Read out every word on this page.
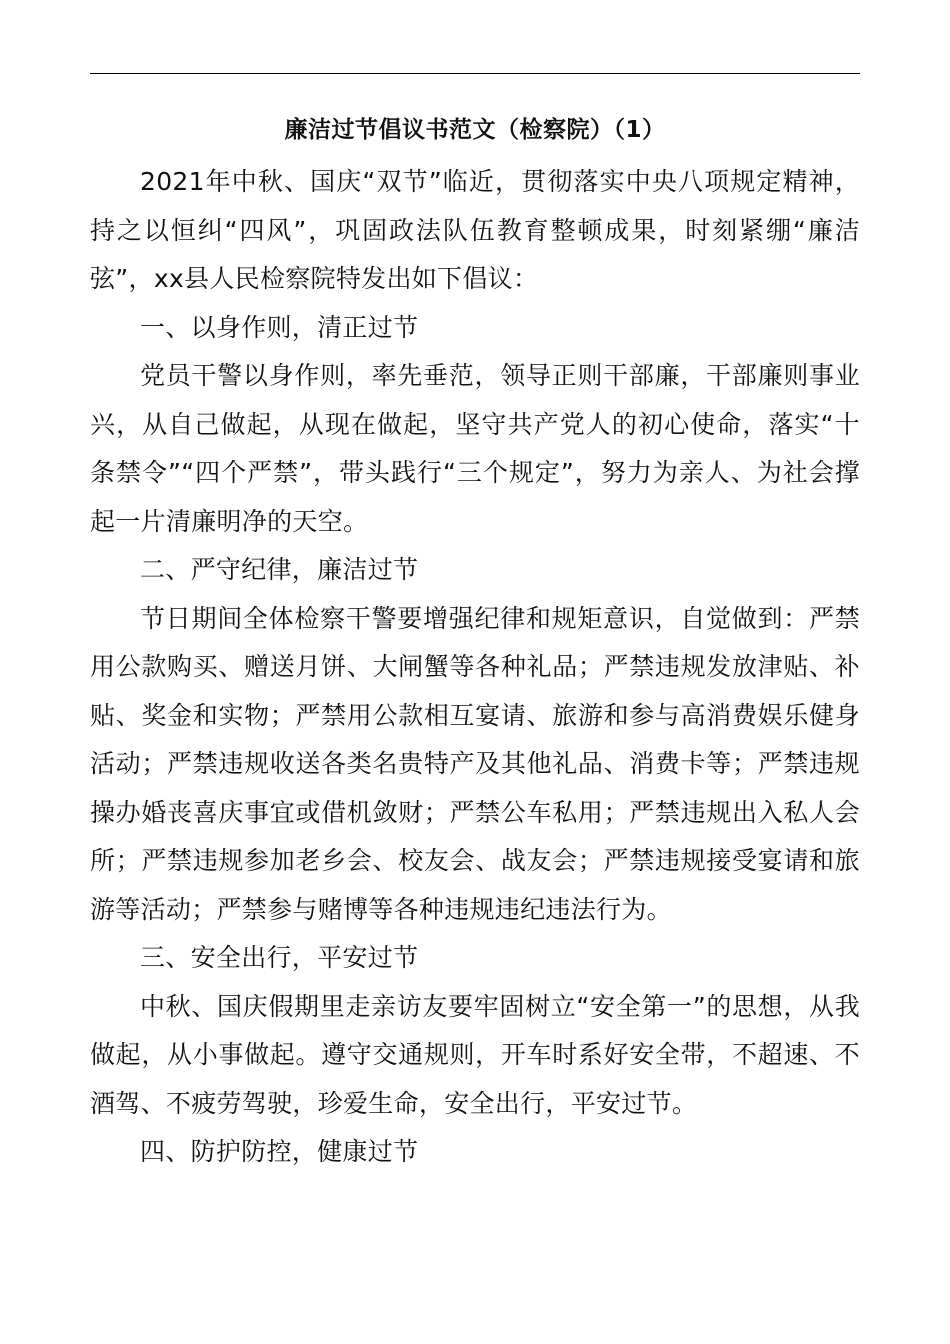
廉洁过节倡议书范文（检察院）（1）

2021年中秋、国庆“双节”临近，贯彻落实中央八项规定精神，持之以恒纠“四风”，巩固政法队伍教育整顿成果，时刻紧绷“廉洁弦”，xx县人民检察院特发出如下倡议：

一、以身作则，清正过节

党员干警以身作则，率先垂范，领导正则干部廉，干部廉则事业兴，从自己做起，从现在做起，坚守共产党人的初心使命，落实“十条禁令”“四个严禁”，带头践行“三个规定”，努力为亲人、为社会撑起一片清廉明净的天空。

二、严守纪律，廉洁过节

节日期间全体检察干警要增强纪律和规矩意识，自觉做到：严禁用公款购买、赠送月饼、大闸蟹等各种礼品；严禁违规发放津贴、补贴、奖金和实物；严禁用公款相互宴请、旅游和参与高消费娱乐健身活动；严禁违规收送各类名贵特产及其他礼品、消费卡等；严禁违规操办婚丧喜庆事宜或借机敛财；严禁公车私用；严禁违规出入私人会所；严禁违规参加老乡会、校友会、战友会；严禁违规接受宴请和旅游等活动；严禁参与赌博等各种违规违纪违法行为。

三、安全出行，平安过节

中秋、国庆假期里走亲访友要牢固树立“安全第一”的思想，从我做起，从小事做起。遵守交通规则，开车时系好安全带，不超速、不酒驾、不疲劳驾驶，珍爱生命，安全出行，平安过节。

四、防护防控，健康过节
